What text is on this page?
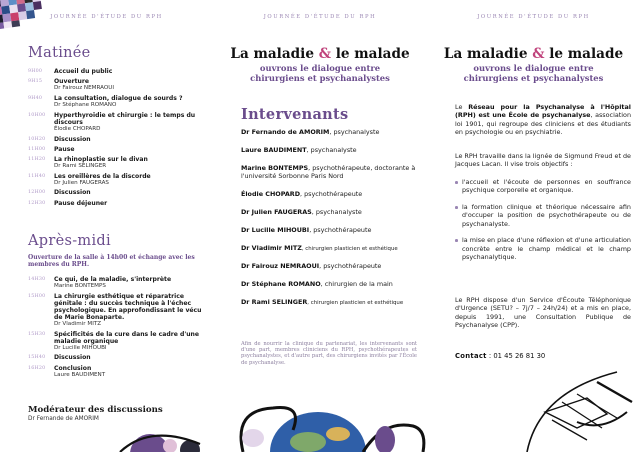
JOURNÉE D'ÉTUDE DU RPH
Matinée
9H00	Accueil du public
9H15	Ouverture
Dr Fairouz NEMRAOUI
9H40	La consultation, dialogue de sourds ?
Dr Stéphane ROMANO
10H00	Hyperthyroïdie et chirurgie : le temps du discours
Élodie CHOPARD
10H20	Discussion
11H00	Pause
11H20	La rhinoplastie sur le divan
Dr Rami SELINGER
11H40	Les oreillères de la discorde
Dr Julien FAUGERAS
12H00	Discussion
12H30	Pause déjeuner
Après-midi
Ouverture de la salle à 14h00 et échange avec les membres du RPH.
14H30	Ce qui, de la maladie, s'interprète
Marine BONTEMPS
15H00	La chirurgie esthétique et réparatrice génitale : du succès technique à l'échec psychologique. En approfondissant le vécu de Marie Bonaparte.
Dr Vladimir MITZ
15H30	Spécificités de la cure dans le cadre d'une maladie organique
Dr Lucille MIHOUBI
15H40	Discussion
16H20	Conclusion
Laure BAUDIMENT
Modérateur des discussions
Dr Fernande de AMORIM
JOURNÉE D'ÉTUDE DU RPH
La maladie & le malade
ouvrons le dialogue entre
chirurgiens et psychanalystes
Intervenants
Dr Fernando de AMORIM, psychanalyste
Laure BAUDIMENT, psychanalyste
Marine BONTEMPS, psychothérapeute, doctorante à l'université Sorbonne Paris Nord
Élodie CHOPARD, psychothérapeute
Dr Julien FAUGERAS, psychanalyste
Dr Lucille MIHOUBI, psychothérapeute
Dr Vladimir MITZ, chirurgien plasticien et esthétique
Dr Fairouz NEMRAOUI, psychothérapeute
Dr Stéphane ROMANO, chirurgien de la main
Dr Rami SELINGER, chirurgien plasticien et esthétique
Afin de nourrir la clinique du partenariat, les intervenants sont d'une part, membres cliniciens du RPH, psychothérapeutes et psychanalystes, et d'autre part, des chirurgiens invités par l'École de psychanalyse.
JOURNÉE D'ÉTUDE DU RPH
La maladie & le malade
ouvrons le dialogue entre
chirurgiens et psychanalystes
Le Réseau pour la Psychanalyse à l'Hôpital (RPH) est une École de psychanalyse, association loi 1901, qui regroupe des cliniciens et des étudiants en psychologie ou en psychiatrie.
Le RPH travaille dans la lignée de Sigmund Freud et de Jacques Lacan. Il vise trois objectifs :
l'accueil et l'écoute de personnes en souffrance psychique corporelle et organique.
la formation clinique et théorique nécessaire afin d'occuper la position de psychothérapeute ou de psychanalyste.
la mise en place d'une réflexion et d'une articulation concrète entre le champ médical et le champ psychanalytique.
Le RPH dispose d'un Service d'Écoute Téléphonique d'Urgence (SETU? – 7j/7 – 24h/24) et a mis en place, depuis 1991, une Consultation Publique de Psychanalyse (CPP).
Contact : 01 45 26 81 30
